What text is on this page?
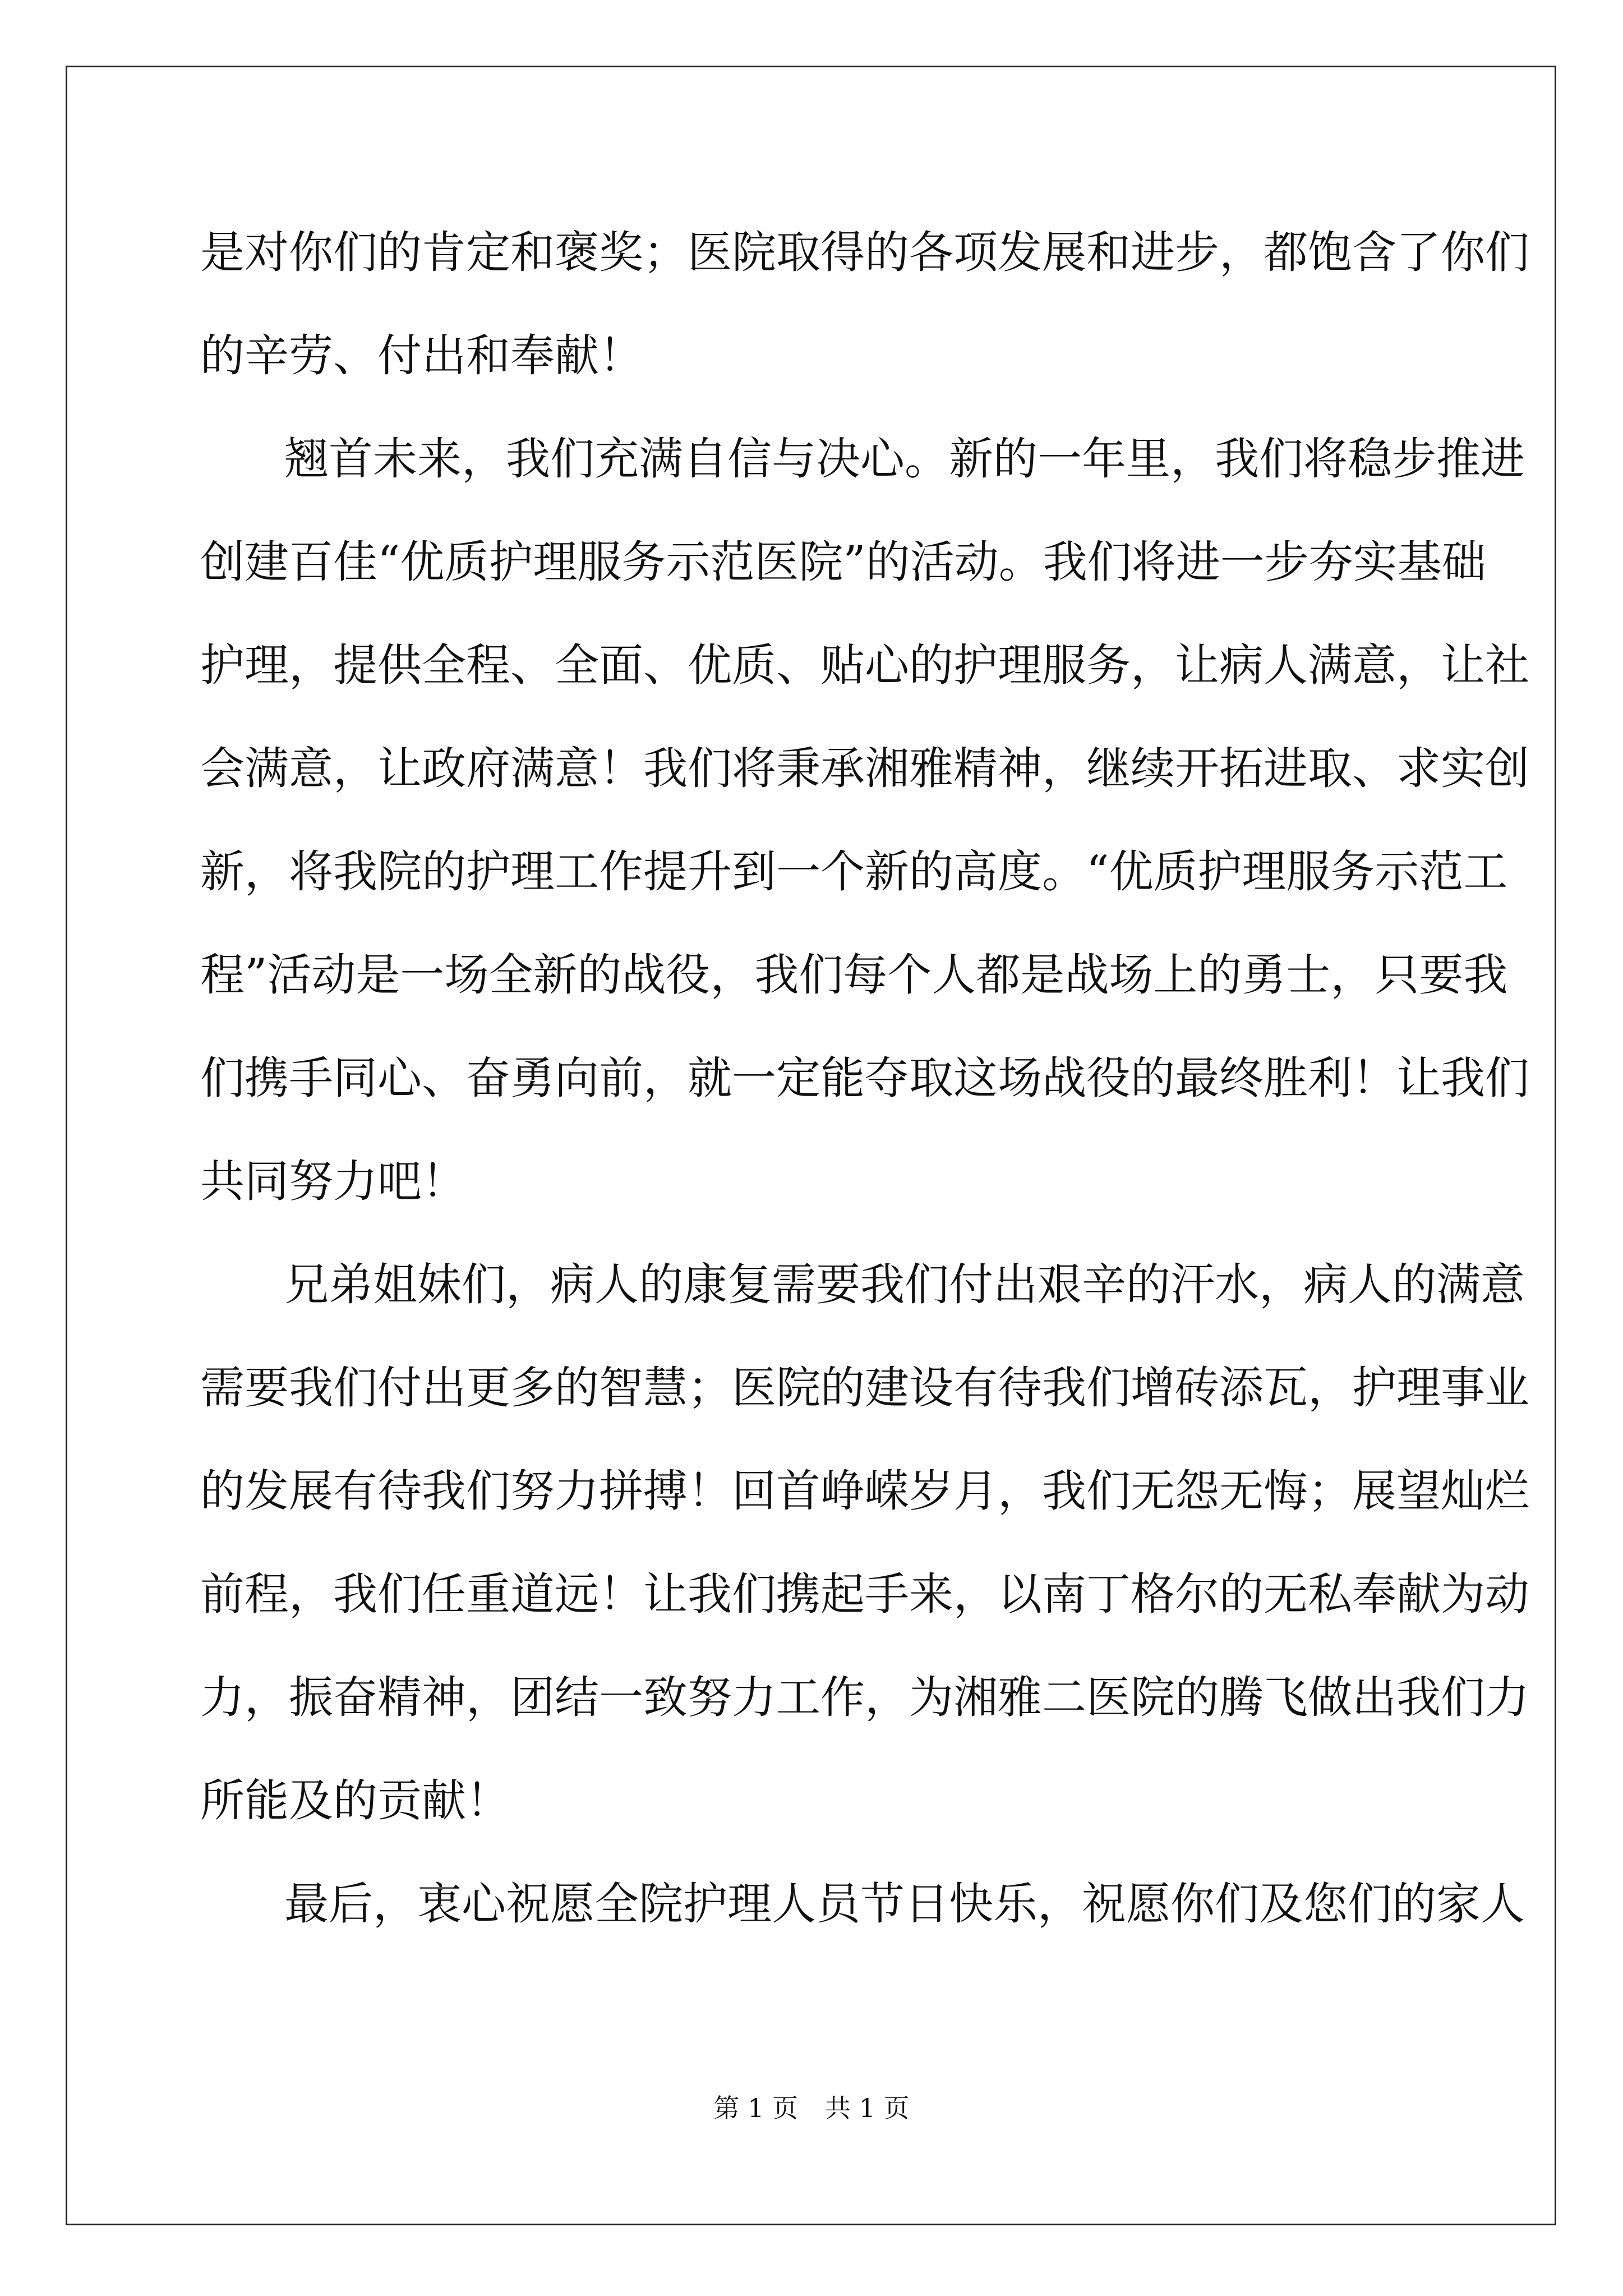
是对你们的肯定和褒奖；医院取得的各项发展和进步，都饱含了你们
的辛劳、付出和奉献！
翘首未来，我们充满自信与决心。新的一年里，我们将稳步推进
创建百佳“优质护理服务示范医院”的活动。我们将进一步夯实基础
护理，提供全程、全面、优质、贴心的护理服务，让病人满意，让社
会满意，让政府满意！我们将秉承湘雅精神，继续开拓进取、求实创
新，将我院的护理工作提升到一个新的高度。“优质护理服务示范工
程”活动是一场全新的战役，我们每个人都是战场上的勇士，只要我
们携手同心、奋勇向前，就一定能夺取这场战役的最终胜利！让我们
共同努力吧！
兄弟姐妹们，病人的康复需要我们付出艰辛的汗水，病人的满意
需要我们付出更多的智慧；医院的建设有待我们增砖添瓦，护理事业
的发展有待我们努力拼搏！回首峥嵘岁月，我们无怨无悔；展望灿烂
前程，我们任重道远！让我们携起手来，以南丁格尔的无私奉献为动
力，振奋精神，团结一致努力工作，为湘雅二医院的腾飞做出我们力
所能及的贡献！
最后，衷心祝愿全院护理人员节日快乐，祝愿你们及您们的家人
第 1 页 共 1 页
